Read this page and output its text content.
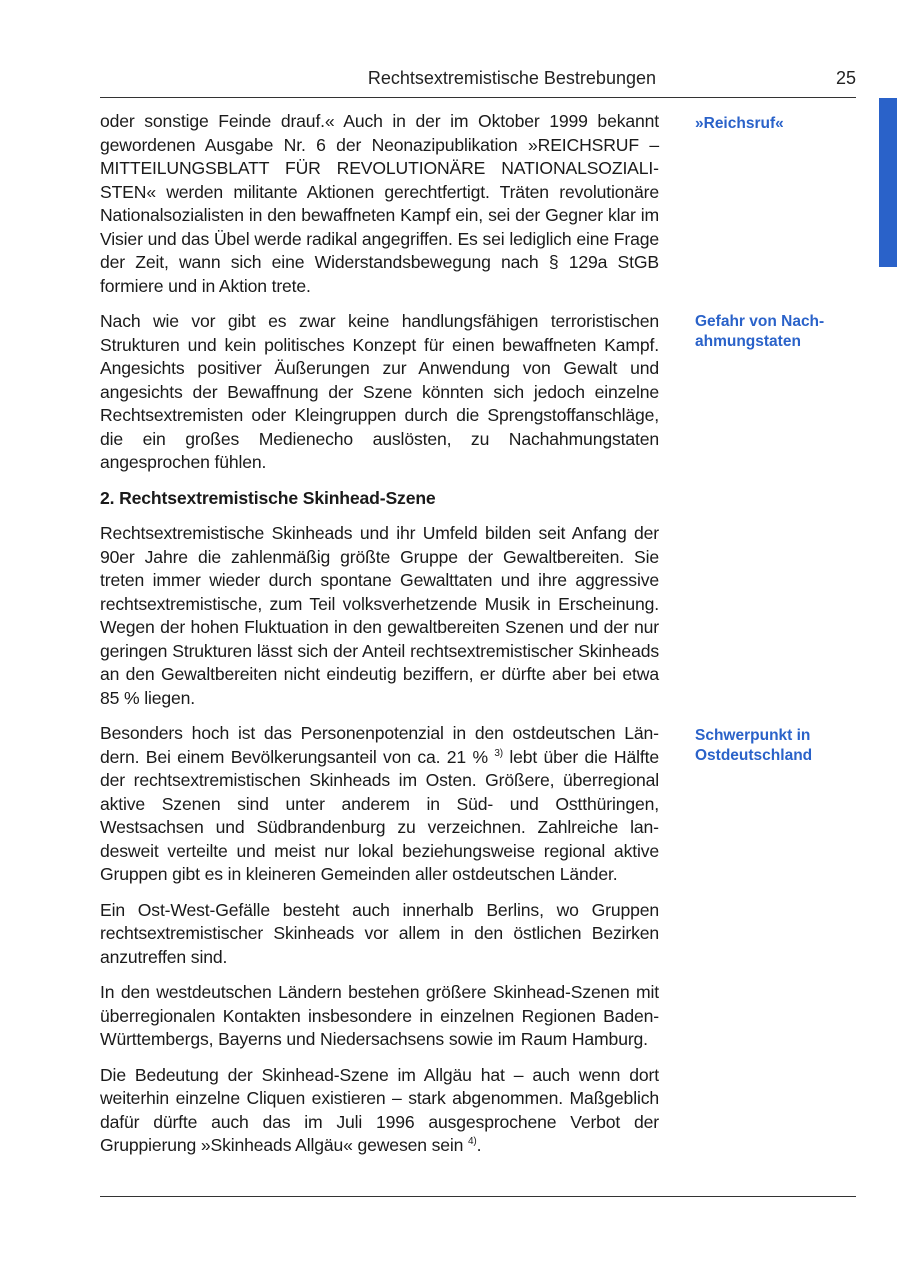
Rechtsextremistische Bestrebungen	25

oder sonstige Feinde drauf.« Auch in der im Oktober 1999 bekannt gewordenen Ausgabe Nr. 6 der Neonazipublikation »REICHSRUF – MITTEILUNGSBLATT FÜR REVOLUTIONÄRE NATIONALSOZIALISTEN« werden militante Aktionen gerechtfertigt. Träten revolutionäre Nationalsozialisten in den bewaffneten Kampf ein, sei der Gegner klar im Visier und das Übel werde radikal angegriffen. Es sei lediglich eine Frage der Zeit, wann sich eine Widerstandsbewegung nach § 129a StGB formiere und in Aktion trete.

Nach wie vor gibt es zwar keine handlungsfähigen terroristischen Strukturen und kein politisches Konzept für einen bewaffneten Kampf. Angesichts positiver Äußerungen zur Anwendung von Gewalt und angesichts der Bewaffnung der Szene könnten sich jedoch einzelne Rechtsextremisten oder Kleingruppen durch die Sprengstoffanschläge, die ein großes Medienecho auslösten, zu Nachahmungstaten angesprochen fühlen.

2. Rechtsextremistische Skinhead-Szene

Rechtsextremistische Skinheads und ihr Umfeld bilden seit Anfang der 90er Jahre die zahlenmäßig größte Gruppe der Gewaltbereiten. Sie treten immer wieder durch spontane Gewalttaten und ihre aggressive rechtsextremistische, zum Teil volksverhetzende Musik in Erscheinung. Wegen der hohen Fluktuation in den gewaltbereiten Szenen und der nur geringen Strukturen lässt sich der Anteil rechtsextremistischer Skinheads an den Gewaltbereiten nicht eindeutig beziffern, er dürfte aber bei etwa 85 % liegen.

Besonders hoch ist das Personenpotenzial in den ostdeutschen Ländern. Bei einem Bevölkerungsanteil von ca. 21 % $^{3)}$ lebt über die Hälfte der rechtsextremistischen Skinheads im Osten. Größere, überregional aktive Szenen sind unter anderem in Süd- und Ostthüringen, Westsachsen und Südbrandenburg zu verzeichnen. Zahlreiche landesweit verteilte und meist nur lokal beziehungsweise regional aktive Gruppen gibt es in kleineren Gemeinden aller ostdeutschen Länder.

Ein Ost-West-Gefälle besteht auch innerhalb Berlins, wo Gruppen rechtsextremistischer Skinheads vor allem in den östlichen Bezirken anzutreffen sind.

In den westdeutschen Ländern bestehen größere Skinhead-Szenen mit überregionalen Kontakten insbesondere in einzelnen Regionen Baden-Württembergs, Bayerns und Niedersachsens sowie im Raum Hamburg.

Die Bedeutung der Skinhead-Szene im Allgäu hat – auch wenn dort weiterhin einzelne Cliquen existieren – stark abgenommen. Maßgeblich dafür dürfte auch das im Juli 1996 ausgesprochene Verbot der Gruppierung »Skinheads Allgäu« gewesen sein $^{4)}$.

»Reichsruf«
Gefahr von Nach-
ahmungstaten
Schwerpunkt in
Ostdeutschland
